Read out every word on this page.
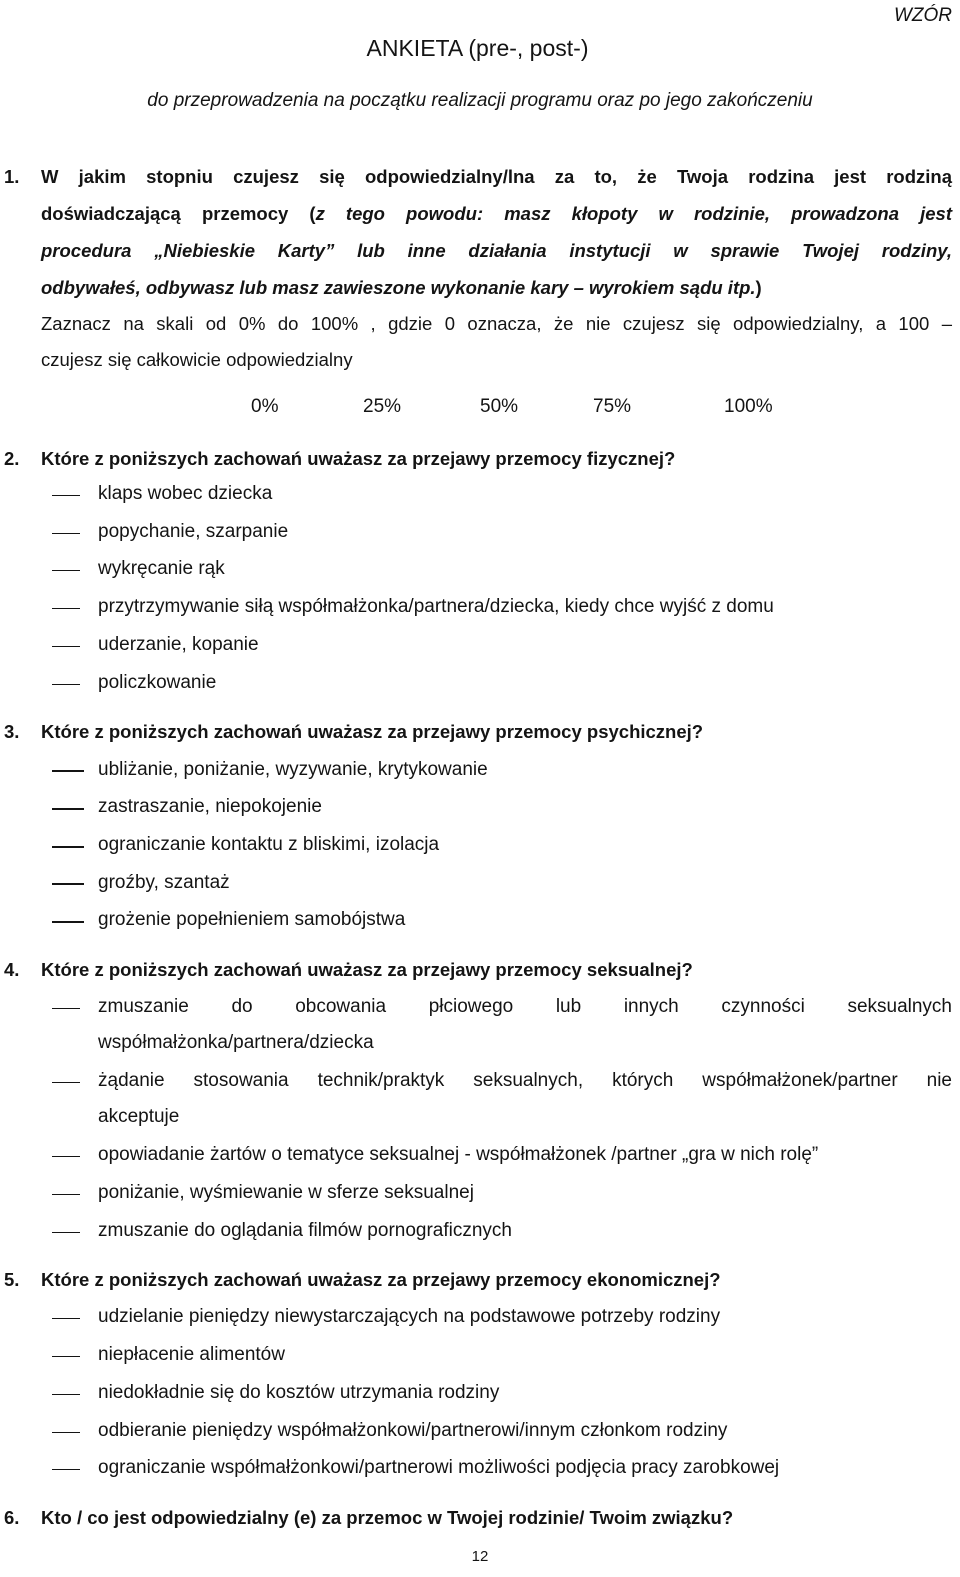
WZÓR
ANKIETA (pre-, post-)
do przeprowadzenia na początku realizacji programu oraz po jego zakończeniu
1. W jakim stopniu czujesz się odpowiedzialny/lna za to, że Twoja rodzina jest rodziną
doświadczającą przemocy (z tego powodu: masz kłopoty w rodzinie, prowadzona jest
procedura „Niebieskie Karty” lub inne działania instytucji w sprawie Twojej rodziny,
odbywałeś, odbywasz lub masz zawieszone wykonanie kary – wyrokiem sądu itp.)
Zaznacz na skali od 0% do 100% , gdzie 0 oznacza, że nie czujesz się odpowiedzialny, a 100 –
czujesz się całkowicie odpowiedzialny
0%	25%	50%	75%	100%
2. Które z poniższych zachowań uważasz za przejawy przemocy fizycznej?
klaps wobec dziecka
popychanie, szarpanie
wykręcanie rąk
przytrzymywanie siłą współmałżonka/partnera/dziecka, kiedy chce wyjść z domu
uderzanie, kopanie
policzkowanie
3. Które z poniższych zachowań uważasz za przejawy przemocy psychicznej?
ubliżanie, poniżanie, wyzywanie, krytykowanie
zastraszanie, niepokojenie
ograniczanie kontaktu z bliskimi, izolacja
groźby, szantaż
grożenie popełnieniem samobójstwa
4. Które z poniższych zachowań uważasz za przejawy przemocy seksualnej?
zmuszanie do obcowania płciowego lub innych czynności seksualnych
współmałżonka/partnera/dziecka
żądanie stosowania technik/praktyk seksualnych, których współmałżonek/partner nie
akceptuje
opowiadanie żartów o tematyce seksualnej - współmałżonek /partner „gra w nich rolę”
poniżanie, wyśmiewanie w sferze seksualnej
zmuszanie do oglądania filmów pornograficznych
5. Które z poniższych zachowań uważasz za przejawy przemocy ekonomicznej?
udzielanie pieniędzy niewystarczających na podstawowe potrzeby rodziny
niepłacenie alimentów
niedokładnie się do kosztów utrzymania rodziny
odbieranie pieniędzy współmałżonkowi/partnerowi/innym członkom rodziny
ograniczanie współmałżonkowi/partnerowi możliwości podjęcia pracy zarobkowej
6. Kto / co jest odpowiedzialny (e) za przemoc w Twojej rodzinie/ Twoim związku?
12
